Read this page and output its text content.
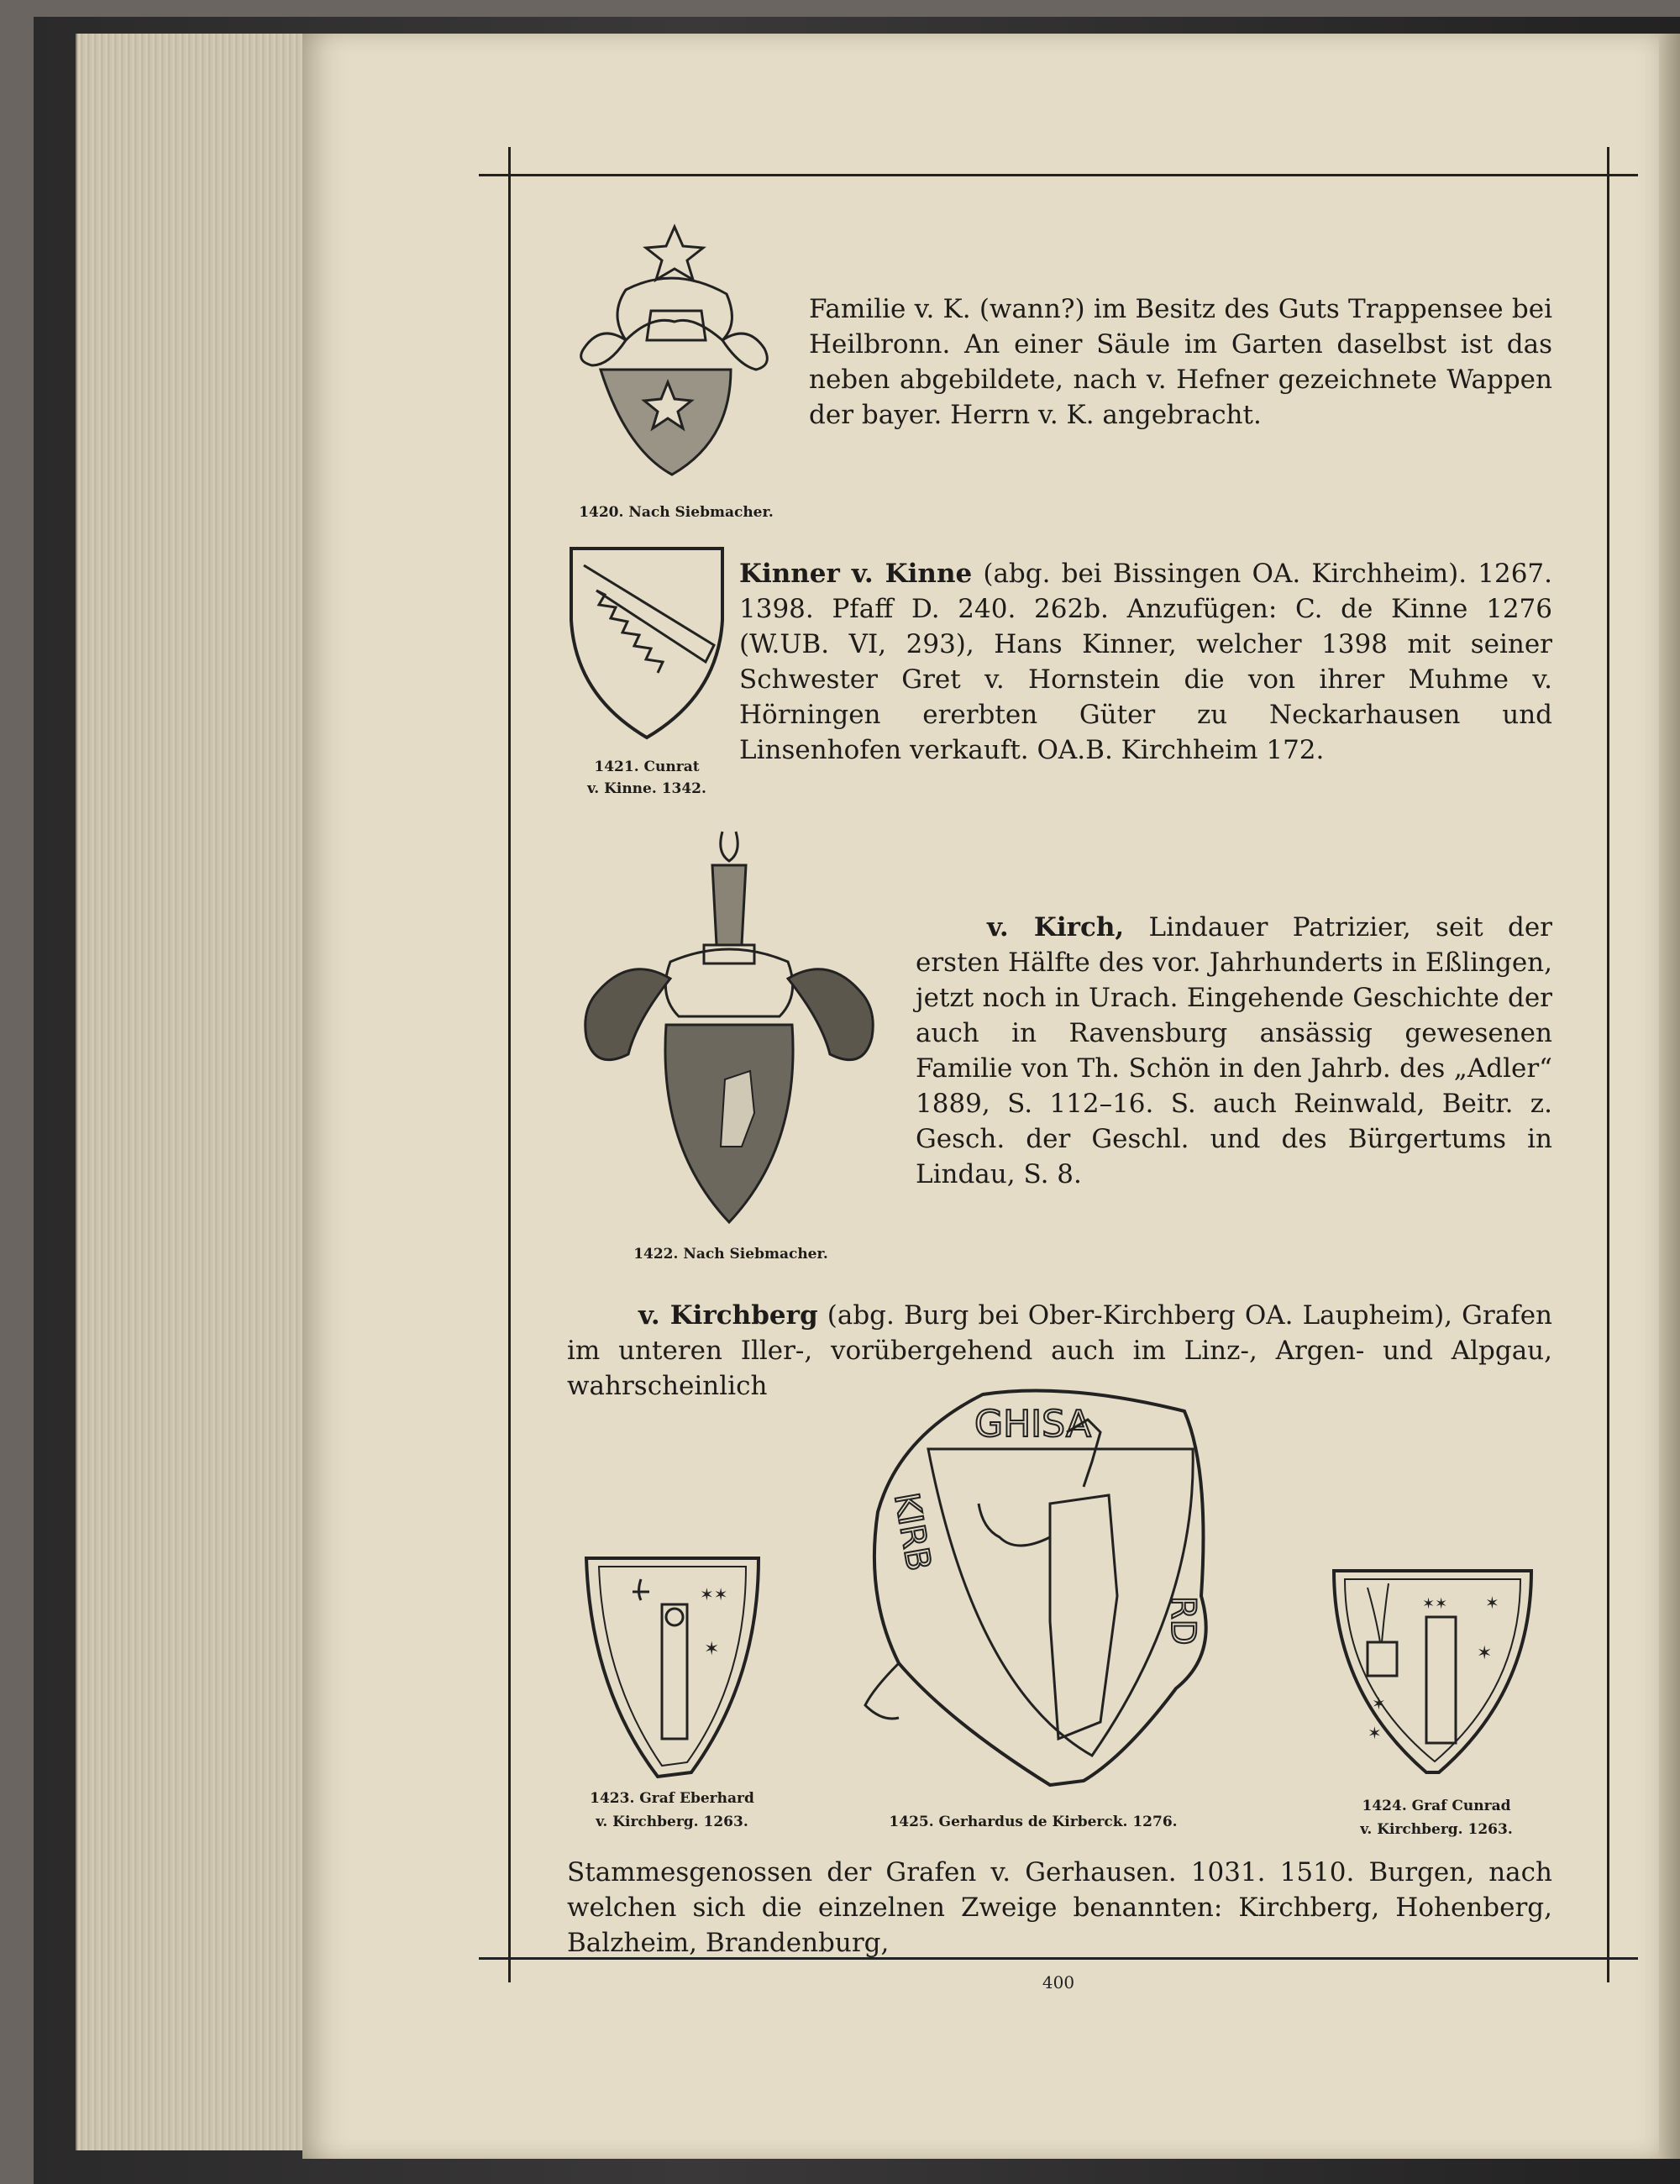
1420. Nach Siebmacher.
Familie v. K. (wann?) im Besitz des Guts Trappensee bei Heilbronn. An einer Säule im Garten daselbst ist das neben abgebildete, nach v. Hefner gezeichnete Wappen der bayer. Herrn v. K. angebracht.
1421. Cunrat
v. Kinne. 1342.
Kinner v. Kinne (abg. bei Bissingen OA. Kirchheim). 1267. 1398. Pfaff D. 240. 262b. Anzufügen: C. de Kinne 1276 (W.UB. VI, 293), Hans Kinner, welcher 1398 mit seiner Schwester Gret v. Hornstein die von ihrer Muhme v. Hörningen ererbten Güter zu Neckarhausen und Linsenhofen verkauft. OA.B. Kirchheim 172.
1422. Nach Siebmacher.
v. Kirch, Lindauer Patrizier, seit der ersten Hälfte des vor. Jahrhunderts in Eßlingen, jetzt noch in Urach. Eingehende Geschichte der auch in Ravensburg ansässig gewesenen Familie von Th. Schön in den Jahrb. des „Adler“ 1889, S. 112–16. S. auch Reinwald, Beitr. z. Gesch. der Geschl. und des Bürgertums in Lindau, S. 8.
v. Kirchberg (abg. Burg bei Ober-Kirchberg OA. Laupheim), Grafen im unteren Iller-, vorübergehend auch im Linz-, Argen- und Alpgau, wahrscheinlich
✶✶
✶
1423. Graf Eberhard
v. Kirchberg. 1263.
GHISA
KIRB
RD
1425. Gerhardus de Kirberck. 1276.
✶✶ ✶
✶
✶
✶
1424. Graf Cunrad
v. Kirchberg. 1263.
Stammesgenossen der Grafen v. Gerhausen. 1031. 1510. Burgen, nach welchen sich die einzelnen Zweige benannten: Kirchberg, Hohenberg, Balzheim, Brandenburg,
400
